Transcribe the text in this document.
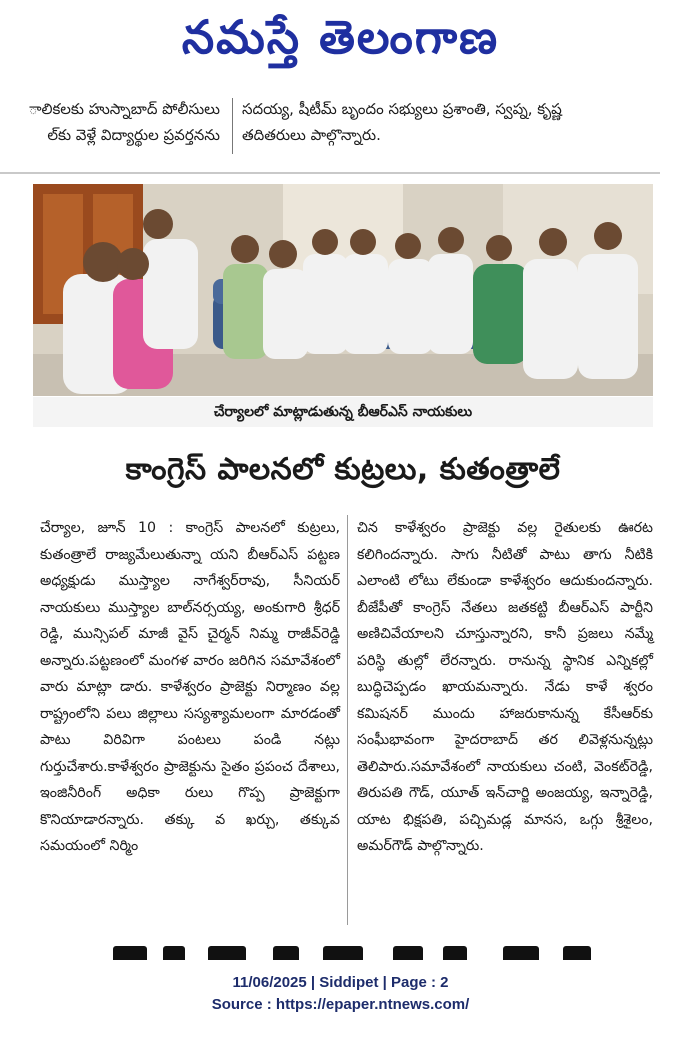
నమస్తే తెలంగాణ
ాలికలకు హుస్నాబాద్ పోలీసులు
ల్‌కు వెళ్లే విద్యార్థుల ప్రవర్తనను
సదయ్య, షీటీమ్ బృందం సభ్యులు ప్రశాంతి, స్వప్న, కృష్ణ
తదితరులు పాల్గొన్నారు.
చేర్యాలలో మాట్లాడుతున్న బీఆర్‌ఎస్ నాయకులు
కాంగ్రెస్ పాలనలో కుట్రలు, కుతంత్రాలే

చేర్యాల, జూన్ 10 : కాంగ్రెస్ పాలనలో కుట్రలు, కుతంత్రాలే రాజ్యమేలుతున్నా యని బీఆర్‌ఎస్ పట్టణ అధ్యక్షుడు ముస్త్యాల నాగేశ్వర్‌రావు, సీనియర్ నాయకులు ముస్త్యాల బాల్‌నర్సయ్య, అంకుగారి శ్రీధర్ రెడ్డి, మున్సిపల్ మాజీ వైస్ చైర్మన్ నిమ్మ రాజీవ్‌రెడ్డి అన్నారు.పట్టణంలో మంగళ వారం జరిగిన సమావేశంలో వారు మాట్లా డారు. కాళేశ్వరం ప్రాజెక్టు నిర్మాణం వల్ల రాష్ట్రంలోని పలు జిల్లాలు సస్యశ్యామలంగా మారడంతో పాటు విరివిగా పంటలు పండి నట్లు గుర్తుచేశారు.కాళేశ్వరం ప్రాజెక్టును సైతం ప్రపంచ దేశాలు, ఇంజినీరింగ్ అధికా రులు గొప్ప ప్రాజెక్టుగా కొనియాడారన్నారు. తక్కు వ ఖర్చు, తక్కువ సమయంలో నిర్మిం

చిన కాళేశ్వరం ప్రాజెక్టు వల్ల రైతులకు ఊరట కలిగిందన్నారు. సాగు నీటితో పాటు తాగు నీటికి ఎలాంటి లోటు లేకుండా కాళేశ్వరం ఆదుకుందన్నారు. బీజేపీతో కాంగ్రెస్ నేతలు జతకట్టి బీఆర్‌ఎస్ పార్టీని అణిచివేయాలని చూస్తున్నారని, కానీ ప్రజలు నమ్మే పరిస్థి తుల్లో లేరన్నారు. రానున్న స్థానిక ఎన్నికల్లో బుద్ధిచెప్పడం ఖాయమన్నారు. నేడు కాళే శ్వరం కమిషనర్ ముందు హాజరుకానున్న కేసీఆర్‌కు సంఘీభావంగా హైదరాబాద్ తర లివెళ్లనున్నట్లు తెలిపారు.సమావేశంలో నాయకులు చంటి, వెంకట్‌రెడ్డి, తిరుపతి గౌడ్, యూత్ ఇన్‌చార్జి అంజయ్య, ఇన్నారెడ్డి, యాట భిక్షపతి, పచ్చిమడ్ల మానస, ఒగ్గు శ్రీశైలం, అమర్‌గౌడ్ పాల్గొన్నారు.

11/06/2025 | Siddipet | Page : 2
Source : https://epaper.ntnews.com/
